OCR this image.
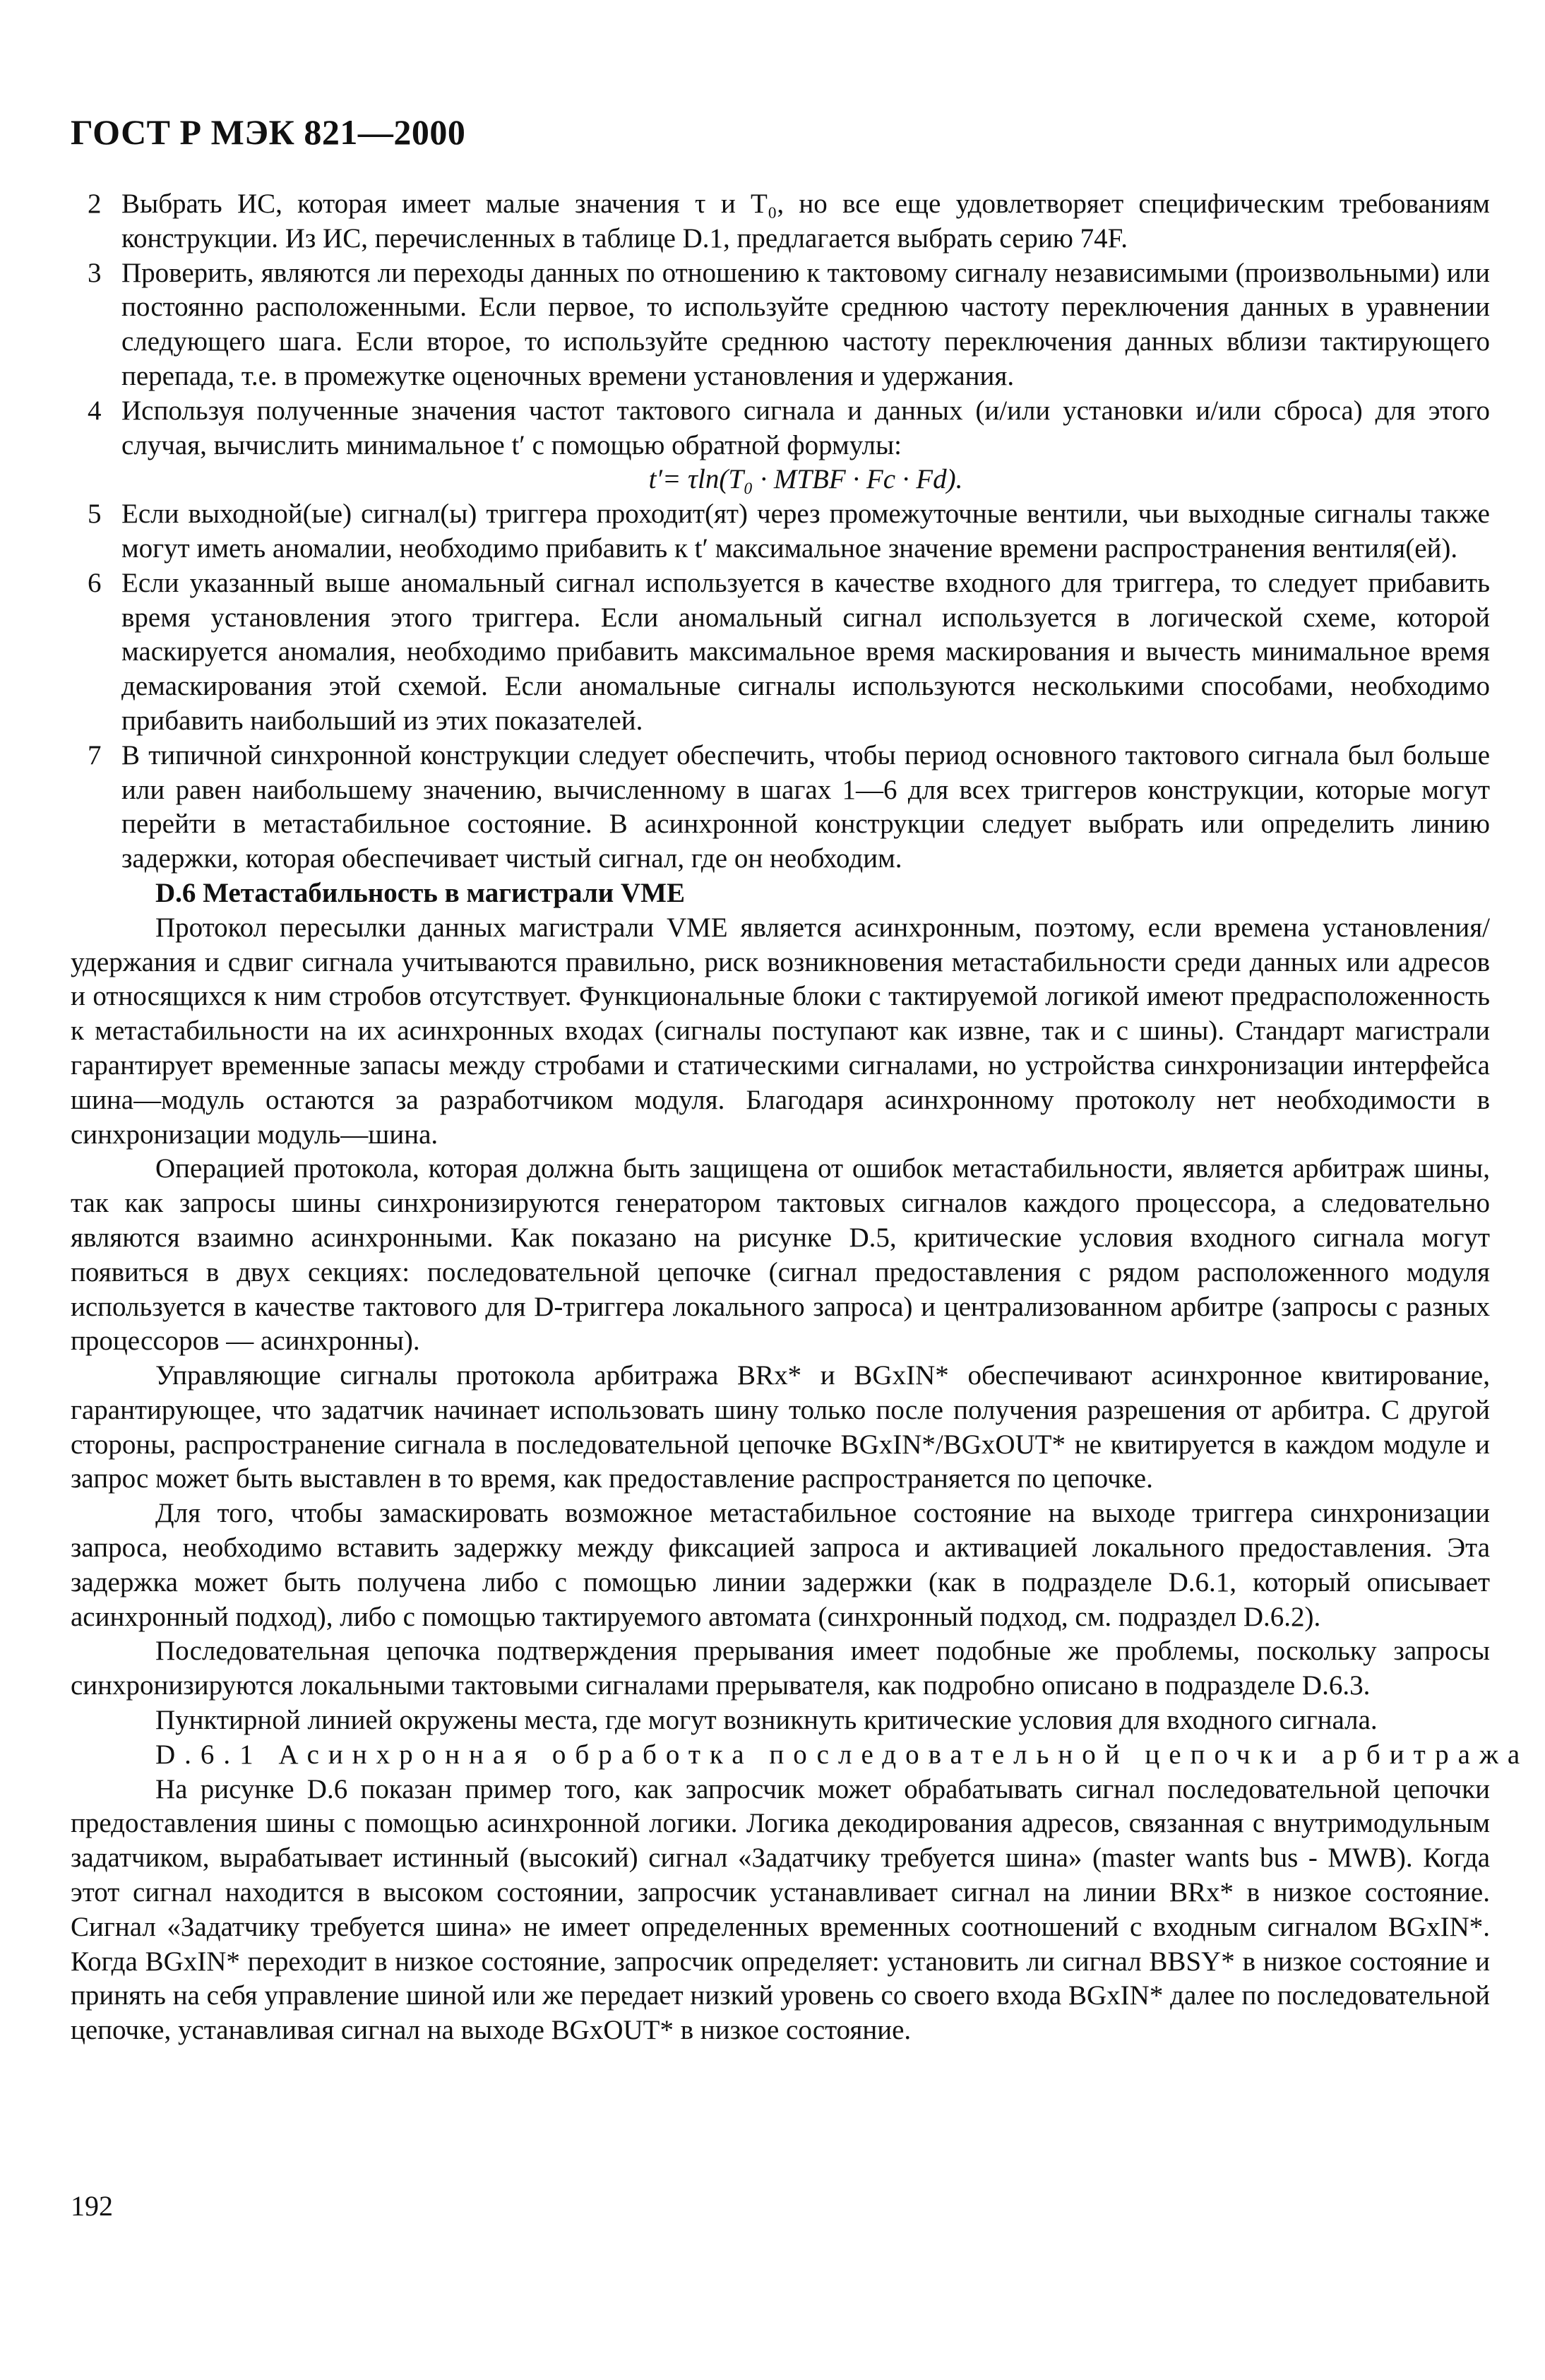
ГОСТ Р МЭК 821—2000
2 Выбрать ИС, которая имеет малые значения τ и T₀, но все еще удовлетворяет специфическим требованиям конструкции. Из ИС, перечисленных в таблице D.1, предлагается выбрать серию 74F.
3 Проверить, являются ли переходы данных по отношению к тактовому сигналу независимыми (произвольными) или постоянно расположенными. Если первое, то используйте среднюю частоту переключения данных в уравнении следующего шага. Если второе, то используйте среднюю частоту переключения данных вблизи тактирующего перепада, т.е. в промежутке оценочных времени установления и удержания.
4 Используя полученные значения частот тактового сигнала и данных (и/или установки и/или сброса) для этого случая, вычислить минимальное t′ с помощью обратной формулы:

t′= τln(T₀ · MTBF · Fc · Fd).

5 Если выходной(ые) сигнал(ы) триггера проходит(ят) через промежуточные вентили, чьи выходные сигналы также могут иметь аномалии, необходимо прибавить к t′ максимальное значение времени распространения вентиля(ей).
6 Если указанный выше аномальный сигнал используется в качестве входного для триггера, то следует прибавить время установления этого триггера. Если аномальный сигнал используется в логической схеме, которой маскируется аномалия, необходимо прибавить максимальное время маскирования и вычесть минимальное время демаскирования этой схемой. Если аномальные сигналы используются несколькими способами, необходимо прибавить наибольший из этих показателей.
7 В типичной синхронной конструкции следует обеспечить, чтобы период основного тактового сигнала был больше или равен наибольшему значению, вычисленному в шагах 1—6 для всех триггеров конструкции, которые могут перейти в метастабильное состояние. В асинхронной конструкции следует выбрать или определить линию задержки, которая обеспечивает чистый сигнал, где он необходим.

D.6 Метастабильность в магистрали VME

Протокол пересылки данных магистрали VME является асинхронным, поэтому, если времена установления/удержания и сдвиг сигнала учитываются правильно, риск возникновения метастабильности среди данных или адресов и относящихся к ним стробов отсутствует. Функциональные блоки с тактируемой логикой имеют предрасположенность к метастабильности на их асинхронных входах (сигналы поступают как извне, так и с шины). Стандарт магистрали гарантирует временные запасы между стробами и статическими сигналами, но устройства синхронизации интерфейса шина—модуль остаются за разработчиком модуля. Благодаря асинхронному протоколу нет необходимости в синхронизации модуль—шина.

Операцией протокола, которая должна быть защищена от ошибок метастабильности, является арбитраж шины, так как запросы шины синхронизируются генератором тактовых сигналов каждого процессора, а следовательно являются взаимно асинхронными. Как показано на рисунке D.5, критические условия входного сигнала могут появиться в двух секциях: последовательной цепочке (сигнал предоставления с рядом расположенного модуля используется в качестве тактового для D-триггера локального запроса) и централизованном арбитре (запросы с разных процессоров — асинхронны).

Управляющие сигналы протокола арбитража BRx* и BGxIN* обеспечивают асинхронное квитирование, гарантирующее, что задатчик начинает использовать шину только после получения разрешения от арбитра. С другой стороны, распространение сигнала в последовательной цепочке BGxIN*/BGxOUT* не квитируется в каждом модуле и запрос может быть выставлен в то время, как предоставление распространяется по цепочке.

Для того, чтобы замаскировать возможное метастабильное состояние на выходе триггера синхронизации запроса, необходимо вставить задержку между фиксацией запроса и активацией локального предоставления. Эта задержка может быть получена либо с помощью линии задержки (как в подразделе D.6.1, который описывает асинхронный подход), либо с помощью тактируемого автомата (синхронный подход, см. подраздел D.6.2).

Последовательная цепочка подтверждения прерывания имеет подобные же проблемы, поскольку запросы синхронизируются локальными тактовыми сигналами прерывателя, как подробно описано в подразделе D.6.3.

Пунктирной линией окружены места, где могут возникнуть критические условия для входного сигнала.

D.6.1 Асинхронная обработка последовательной цепочки арбитража

На рисунке D.6 показан пример того, как запросчик может обрабатывать сигнал последовательной цепочки предоставления шины с помощью асинхронной логики. Логика декодирования адресов, связанная с внутримодульным задатчиком, вырабатывает истинный (высокий) сигнал «Задатчику требуется шина» (master wants bus - MWB). Когда этот сигнал находится в высоком состоянии, запросчик устанавливает сигнал на линии BRx* в низкое состояние. Сигнал «Задатчику требуется шина» не имеет определенных временных соотношений с входным сигналом BGxIN*. Когда BGxIN* переходит в низкое состояние, запросчик определяет: установить ли сигнал BBSY* в низкое состояние и принять на себя управление шиной или же передает низкий уровень со своего входа BGxIN* далее по последовательной цепочке, устанавливая сигнал на выходе BGxOUT* в низкое состояние.

192
